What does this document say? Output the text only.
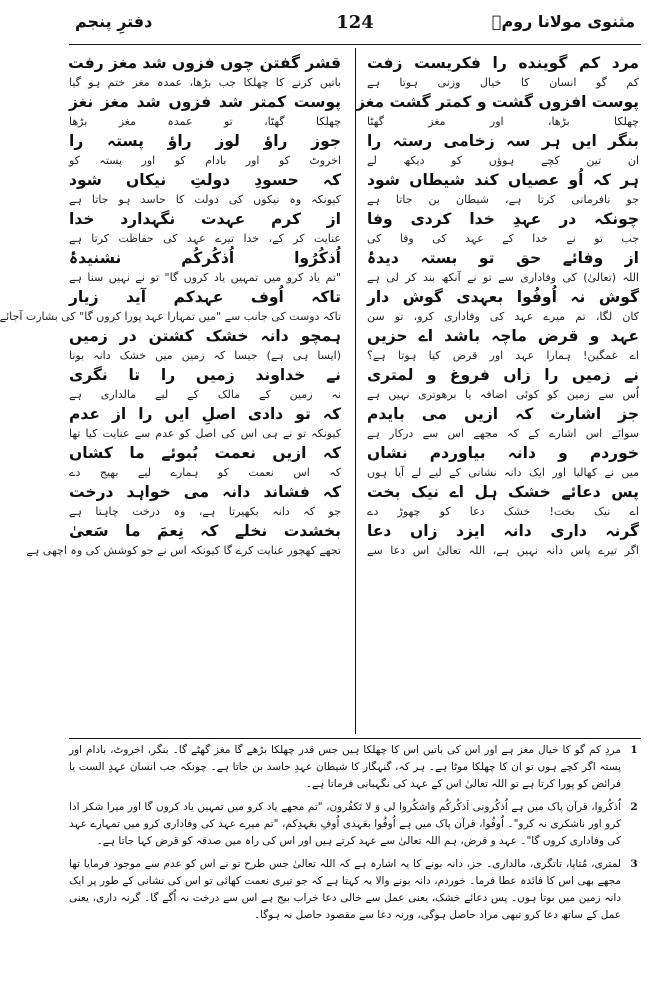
مثنوی مولانا رومؒ
124
دفترِ پنجم
مرد کم گوینده را فکریست زفت
کم گو انسان کا خیال وزنی ہوتا ہے
پوست افزوں گشت و کمتر گشت مغز
چھلکا بڑھا، اور مغز گھٹا
بنگر ایں ہر سہ زخامی رستہ را
ان تین کچے ہوؤں کو دیکھ لے
ہر کہ اُو عصیاں کند شیطاں شود
جو نافرمانی کرتا ہے، شیطان بن جاتا ہے
چونکہ در عہدِ خدا کردی وفا
جب تو نے خدا کے عہد کی وفا کی
از وفائے حق تو بستہ دیدۂ
اللہ (تعالیٰ) کی وفاداری سے تو نے آنکھ بند کر لی ہے
گوش نہ اُوفُوا بعہدی گوش دار
کان لگا، تم میرے عہد کی وفاداری کرو، تو سن
عہد و قرض ماچہ باشد اے حزیں
اے غمگین! ہمارا عہد اور قرض کیا ہوتا ہے؟
نے زمیں را زاں فروغ و لمتری
اُس سے زمین کو کوئی اضافہ یا برھوتری نہیں ہے
جز اشارت کہ ازیں می بایدم
سوائے اس اشارے کے کہ مجھے اس سے درکار ہے
خوردم و دانہ بیاوردم نشاں
میں نے کھالیا اور ایک دانہ نشانی کے لیے لے آیا ہوں
پس دعائے خشک ہل اے نیک بخت
اے نیک بخت! خشک دعا کو چھوڑ دے
گرنہ داری دانہ ایزد زاں دعا
اگر تیرے پاس دانہ نہیں ہے، اللہ تعالیٰ اس دعا سے
قشر گفتن چوں فزوں شد مغز رفت
باتیں کرنے کا چھلکا جب بڑھا، عمدہ مغز ختم ہو گیا
پوست کمتر شد فزوں شد مغز نغز
چھلکا گھٹا، تو عمدہ مغز بڑھا
جوز راؤ لوز راؤ پستہ را
اخروٹ کو اور بادام کو اور پستہ کو
کہ حسودِ دولتِ نیکاں شود
کیونکہ وہ نیکوں کی دولت کا حاسد ہو جاتا ہے
از کرم عہدت نگہدارد خدا
عنایت کر کے، خدا تیرے عہد کی حفاظت کرتا ہے
اُذکُرُوا اُذکُرکُم نشنیدۂ
"تم یاد کرو میں تمہیں یاد کروں گا" تو نے نہیں سنا ہے
تاکہ اُوف عہدکم آید زیار
تاکہ دوست کی جانب سے "میں تمہارا عہد پورا کروں گا" کی بشارت آجائے
ہمچو دانہ خشک کشتن در زمیں
(ایسا ہی ہے) جیسا کہ زمین میں خشک دانہ بونا
نے خداوند زمیں را تا نگری
نہ زمین کے مالک کے لیے مالداری ہے
کہ تو دادی اصلِ ایں را از عدم
کیونکہ تو نے ہی اس کی اصل کو عدم سے عنایت کیا تھا
کہ ازیں نعمت بُبوئے ما کشاں
کہ اس نعمت کو ہمارے لیے بھیج دے
کہ فشاند دانہ می خواہد درخت
جو کہ دانہ بکھیرتا ہے، وہ درخت چاہتا ہے
بخشدت نخلے کہ نِعمَ ما سَعیٰ
تجھے کھجور عنایت کرے گا کیونکہ اس نے جو کوشش کی وہ اچھی ہے
1
مردِ کم گو کا خیال مغز ہے اور اس کی باتیں اس کا چھلکا ہیں جس قدر چھلکا بڑھے گا مغز گھٹے گا۔ بنگر، اخروٹ، بادام اور پستہ اگر کچے ہوں تو ان کا چھلکا موٹا ہے۔ ہر کہ، گنہگار کا شیطان عہدِ حاسد بن جاتا ہے۔ چونکہ جب انسان عہدِ الست یا فرائض کو پورا کرتا ہے تو اللہ تعالیٰ اس کے عہد کی نگہبانی فرماتا ہے۔
2
اُذکُروا، قرآن پاک میں ہے اُذکُرونی اَذکُرکُم وَاشکُروا لی وَ لا تَکفُرون، "تم مجھے یاد کرو میں تمہیں یاد کروں گا اور میرا شکر ادا کرو اور ناشکری نہ کرو"۔ اُوفُوا، قرآن پاک میں ہے اُوفُوا بعَہدی اُوفِ بعَہدِکم، "تم میرے عہد کی وفاداری کرو میں تمہارے عہد کی وفاداری کروں گا"۔ عہد و قرض، ہم اللہ تعالیٰ سے عہد کرتے ہیں اور اس کی راہ میں صدقہ کو قرض کہا جاتا ہے۔
3
لمتری، مُتاپا، تاتگری، مالداری۔ جز، دانہ بونے کا یہ اشارہ ہے کہ اللہ تعالیٰ جس طرح تو نے اس کو عدم سے موجود فرمایا تھا مجھے بھی اس کا فائدہ عطا فرما۔ خوردم، دانہ بونے والا یہ کہتا ہے کہ جو تیری نعمت کھائی تو اس کی نشانی کے طور پر ایک دانہ زمین میں بوتا ہوں۔ پس دعائے خشک، یعنی عمل سے خالی دعا خراب بیج ہے اس سے درخت نہ اُگے گا۔ گرنہ داری، یعنی عمل کے ساتھ دعا کرو تبھی مراد حاصل ہوگی، ورنہ دعا سے مقصود حاصل نہ ہوگا۔
